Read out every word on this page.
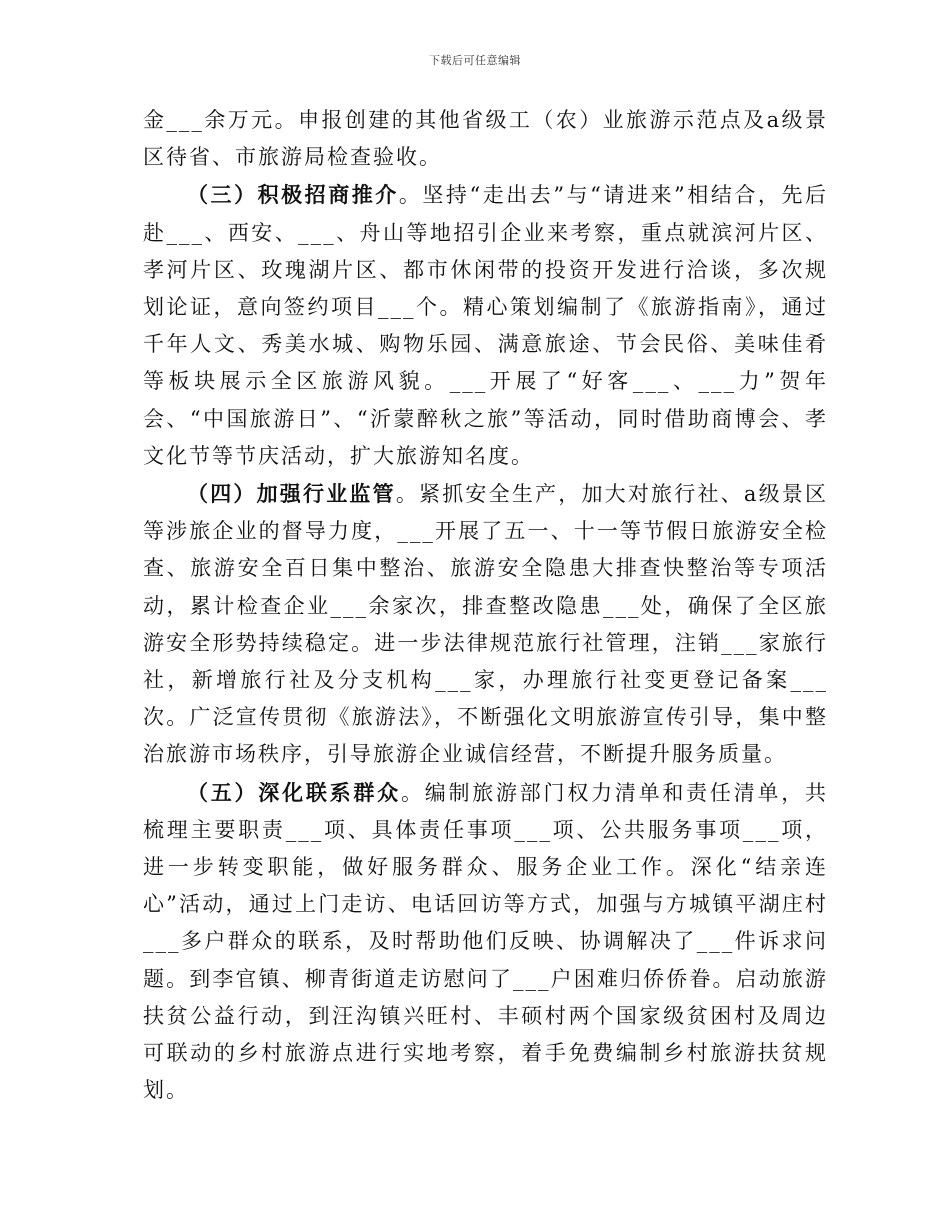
下载后可任意编辑

金___余万元。申报创建的其他省级工（农）业旅游示范点及a级景区待省、市旅游局检查验收。

（三）积极招商推介。坚持“走出去”与“请进来”相结合，先后赴___、西安、___、舟山等地招引企业来考察，重点就滨河片区、孝河片区、玫瑰湖片区、都市休闲带的投资开发进行洽谈，多次规划论证，意向签约项目___个。精心策划编制了《旅游指南》，通过千年人文、秀美水城、购物乐园、满意旅途、节会民俗、美味佳肴等板块展示全区旅游风貌。___开展了“好客___、___力”贺年会、“中国旅游日”、“沂蒙醉秋之旅”等活动，同时借助商博会、孝文化节等节庆活动，扩大旅游知名度。

（四）加强行业监管。紧抓安全生产，加大对旅行社、a级景区等涉旅企业的督导力度，___开展了五一、十一等节假日旅游安全检查、旅游安全百日集中整治、旅游安全隐患大排查快整治等专项活动，累计检查企业___余家次，排查整改隐患___处，确保了全区旅游安全形势持续稳定。进一步法律规范旅行社管理，注销___家旅行社，新增旅行社及分支机构___家，办理旅行社变更登记备案___次。广泛宣传贯彻《旅游法》，不断强化文明旅游宣传引导，集中整治旅游市场秩序，引导旅游企业诚信经营，不断提升服务质量。

（五）深化联系群众。编制旅游部门权力清单和责任清单，共梳理主要职责___项、具体责任事项___项、公共服务事项___项，进一步转变职能，做好服务群众、服务企业工作。深化“结亲连心”活动，通过上门走访、电话回访等方式，加强与方城镇平湖庄村___多户群众的联系，及时帮助他们反映、协调解决了___件诉求问题。到李官镇、柳青街道走访慰问了___户困难归侨侨眷。启动旅游扶贫公益行动，到汪沟镇兴旺村、丰硕村两个国家级贫困村及周边可联动的乡村旅游点进行实地考察，着手免费编制乡村旅游扶贫规划。
